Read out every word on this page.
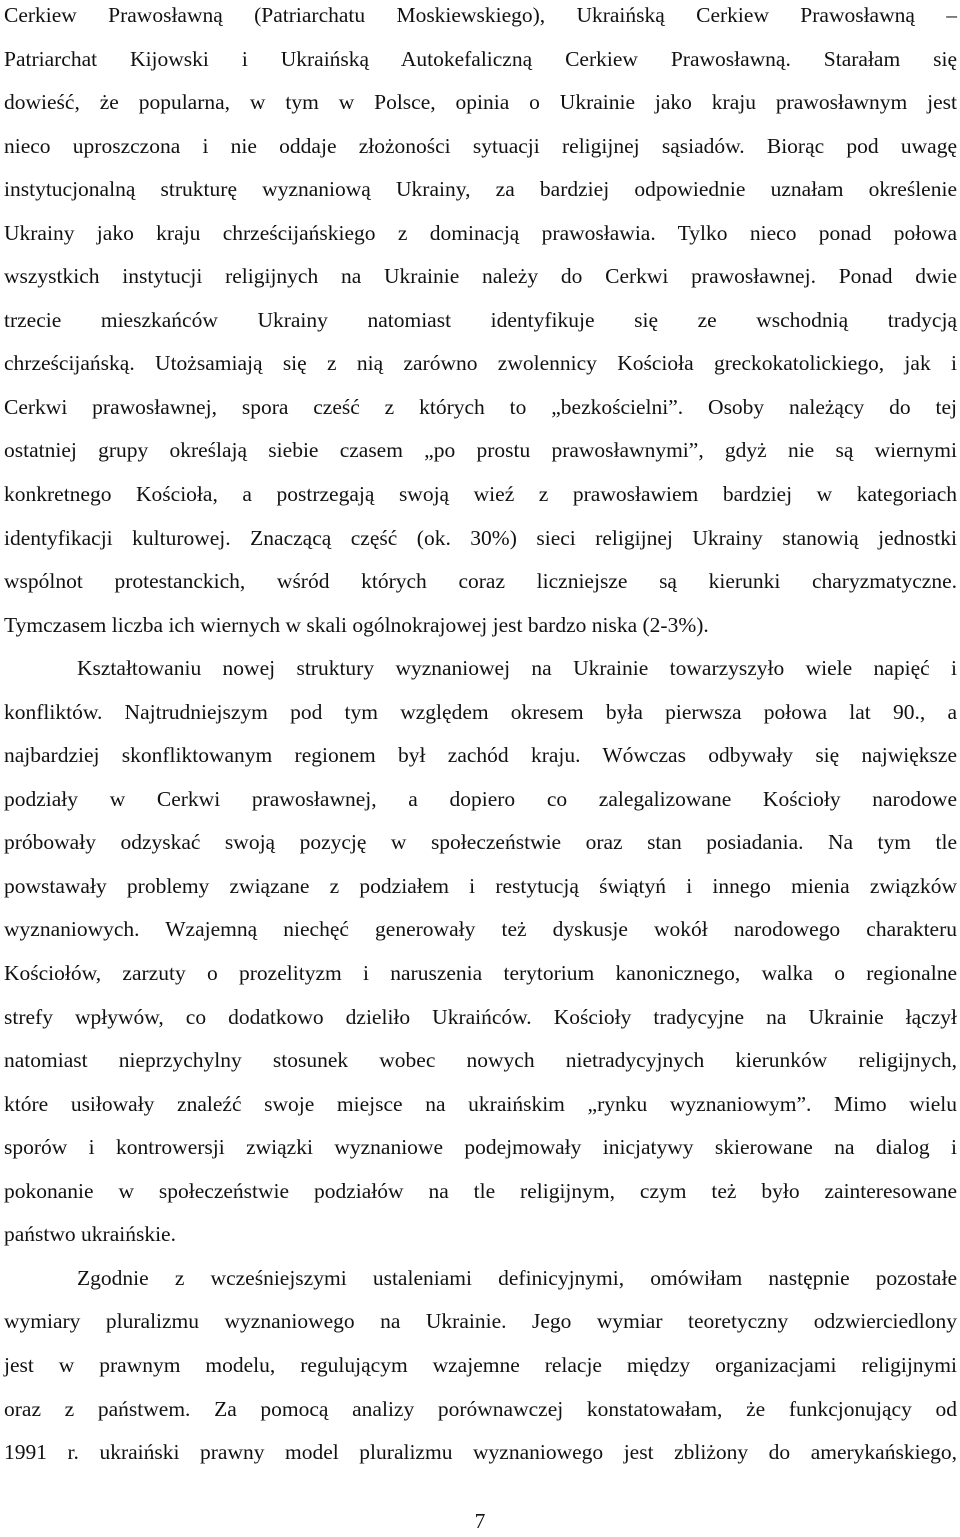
Cerkiew Prawosławną (Patriarchatu Moskiewskiego), Ukraińską Cerkiew Prawosławną –
Patriarchat Kijowski i Ukraińską Autokefaliczną Cerkiew Prawosławną. Starałam się
dowieść, że popularna, w tym w Polsce, opinia o Ukrainie jako kraju prawosławnym jest
nieco uproszczona i nie oddaje złożoności sytuacji religijnej sąsiadów. Biorąc pod uwagę
instytucjonalną strukturę wyznaniową Ukrainy, za bardziej odpowiednie uznałam określenie
Ukrainy jako kraju chrześcijańskiego z dominacją prawosławia. Tylko nieco ponad połowa
wszystkich instytucji religijnych na Ukrainie należy do Cerkwi prawosławnej. Ponad dwie
trzecie mieszkańców Ukrainy natomiast identyfikuje się ze wschodnią tradycją
chrześcijańską. Utożsamiają się z nią zarówno zwolennicy Kościoła greckokatolickiego, jak i
Cerkwi prawosławnej, spora cześć z których to „bezkościelni”. Osoby należący do tej
ostatniej grupy określają siebie czasem „po prostu prawosławnymi”, gdyż nie są wiernymi
konkretnego Kościoła, a postrzegają swoją wieź z prawosławiem bardziej w kategoriach
identyfikacji kulturowej. Znaczącą część (ok. 30%) sieci religijnej Ukrainy stanowią jednostki
wspólnot protestanckich, wśród których coraz liczniejsze są kierunki charyzmatyczne.
Tymczasem liczba ich wiernych w skali ogólnokrajowej jest bardzo niska (2-3%).
Kształtowaniu nowej struktury wyznaniowej na Ukrainie towarzyszyło wiele napięć i
konfliktów. Najtrudniejszym pod tym względem okresem była pierwsza połowa lat 90., a
najbardziej skonfliktowanym regionem był zachód kraju. Wówczas odbywały się największe
podziały w Cerkwi prawosławnej, a dopiero co zalegalizowane Kościoły narodowe
próbowały odzyskać swoją pozycję w społeczeństwie oraz stan posiadania. Na tym tle
powstawały problemy związane z podziałem i restytucją świątyń i innego mienia związków
wyznaniowych. Wzajemną niechęć generowały też dyskusje wokół narodowego charakteru
Kościołów, zarzuty o prozelityzm i naruszenia terytorium kanonicznego, walka o regionalne
strefy wpływów, co dodatkowo dzieliło Ukraińców. Kościoły tradycyjne na Ukrainie łączył
natomiast nieprzychylny stosunek wobec nowych nietradycyjnych kierunków religijnych,
które usiłowały znaleźć swoje miejsce na ukraińskim „rynku wyznaniowym”. Mimo wielu
sporów i kontrowersji związki wyznaniowe podejmowały inicjatywy skierowane na dialog i
pokonanie w społeczeństwie podziałów na tle religijnym, czym też było zainteresowane
państwo ukraińskie.
Zgodnie z wcześniejszymi ustaleniami definicyjnymi, omówiłam następnie pozostałe
wymiary pluralizmu wyznaniowego na Ukrainie. Jego wymiar teoretyczny odzwierciedlony
jest w prawnym modelu, regulującym wzajemne relacje między organizacjami religijnymi
oraz z państwem. Za pomocą analizy porównawczej konstatowałam, że funkcjonujący od
1991 r. ukraiński prawny model pluralizmu wyznaniowego jest zbliżony do amerykańskiego,
7
